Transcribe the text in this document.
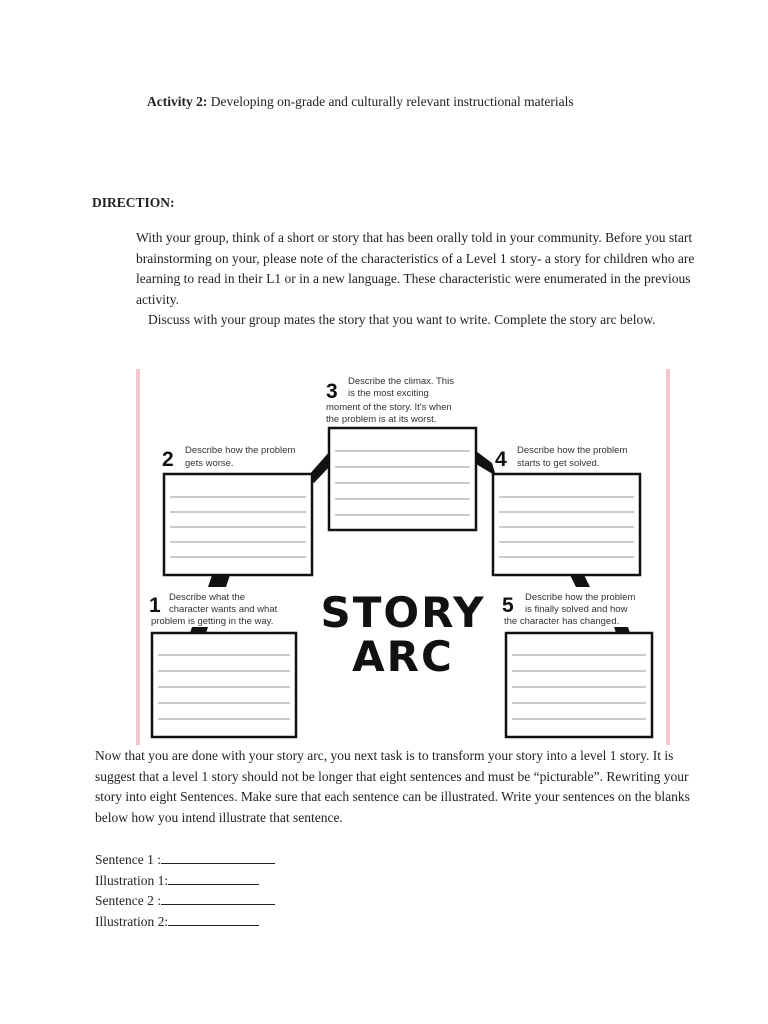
Activity 2: Developing on-grade and culturally relevant instructional materials
DIRECTION:

With your group, think of a short or story that has been orally told in your community. Before you start brainstorming on your, please note of the characteristics of a Level 1 story- a story for children who are learning to read in their L1 or in a new language. These characteristic were enumerated in the previous activity.

Discuss with your group mates the story that you want to write. Complete the story arc below.

3 Describe the climax. This
is the most exciting
moment of the story. It's when
the problem is at its worst.
2 Describe how the problem
gets worse.	4 Describe how the problem
starts to get solved.
1 Describe what the
character wants and what
problem is getting in the way.
5 Describe how the problem
is finally solved and how
the character has changed.
STORY
ARC
Now that you are done with your story arc, you next task is to transform your story into a level 1 story. It is suggest that a level 1 story should not be longer that eight sentences and must be “picturable”. Rewriting your story into eight Sentences. Make sure that each sentence can be illustrated. Write your sentences on the blanks below how you intend illustrate that sentence.
Sentence 1 :
Illustration 1:
Sentence 2 :
Illustration 2:
